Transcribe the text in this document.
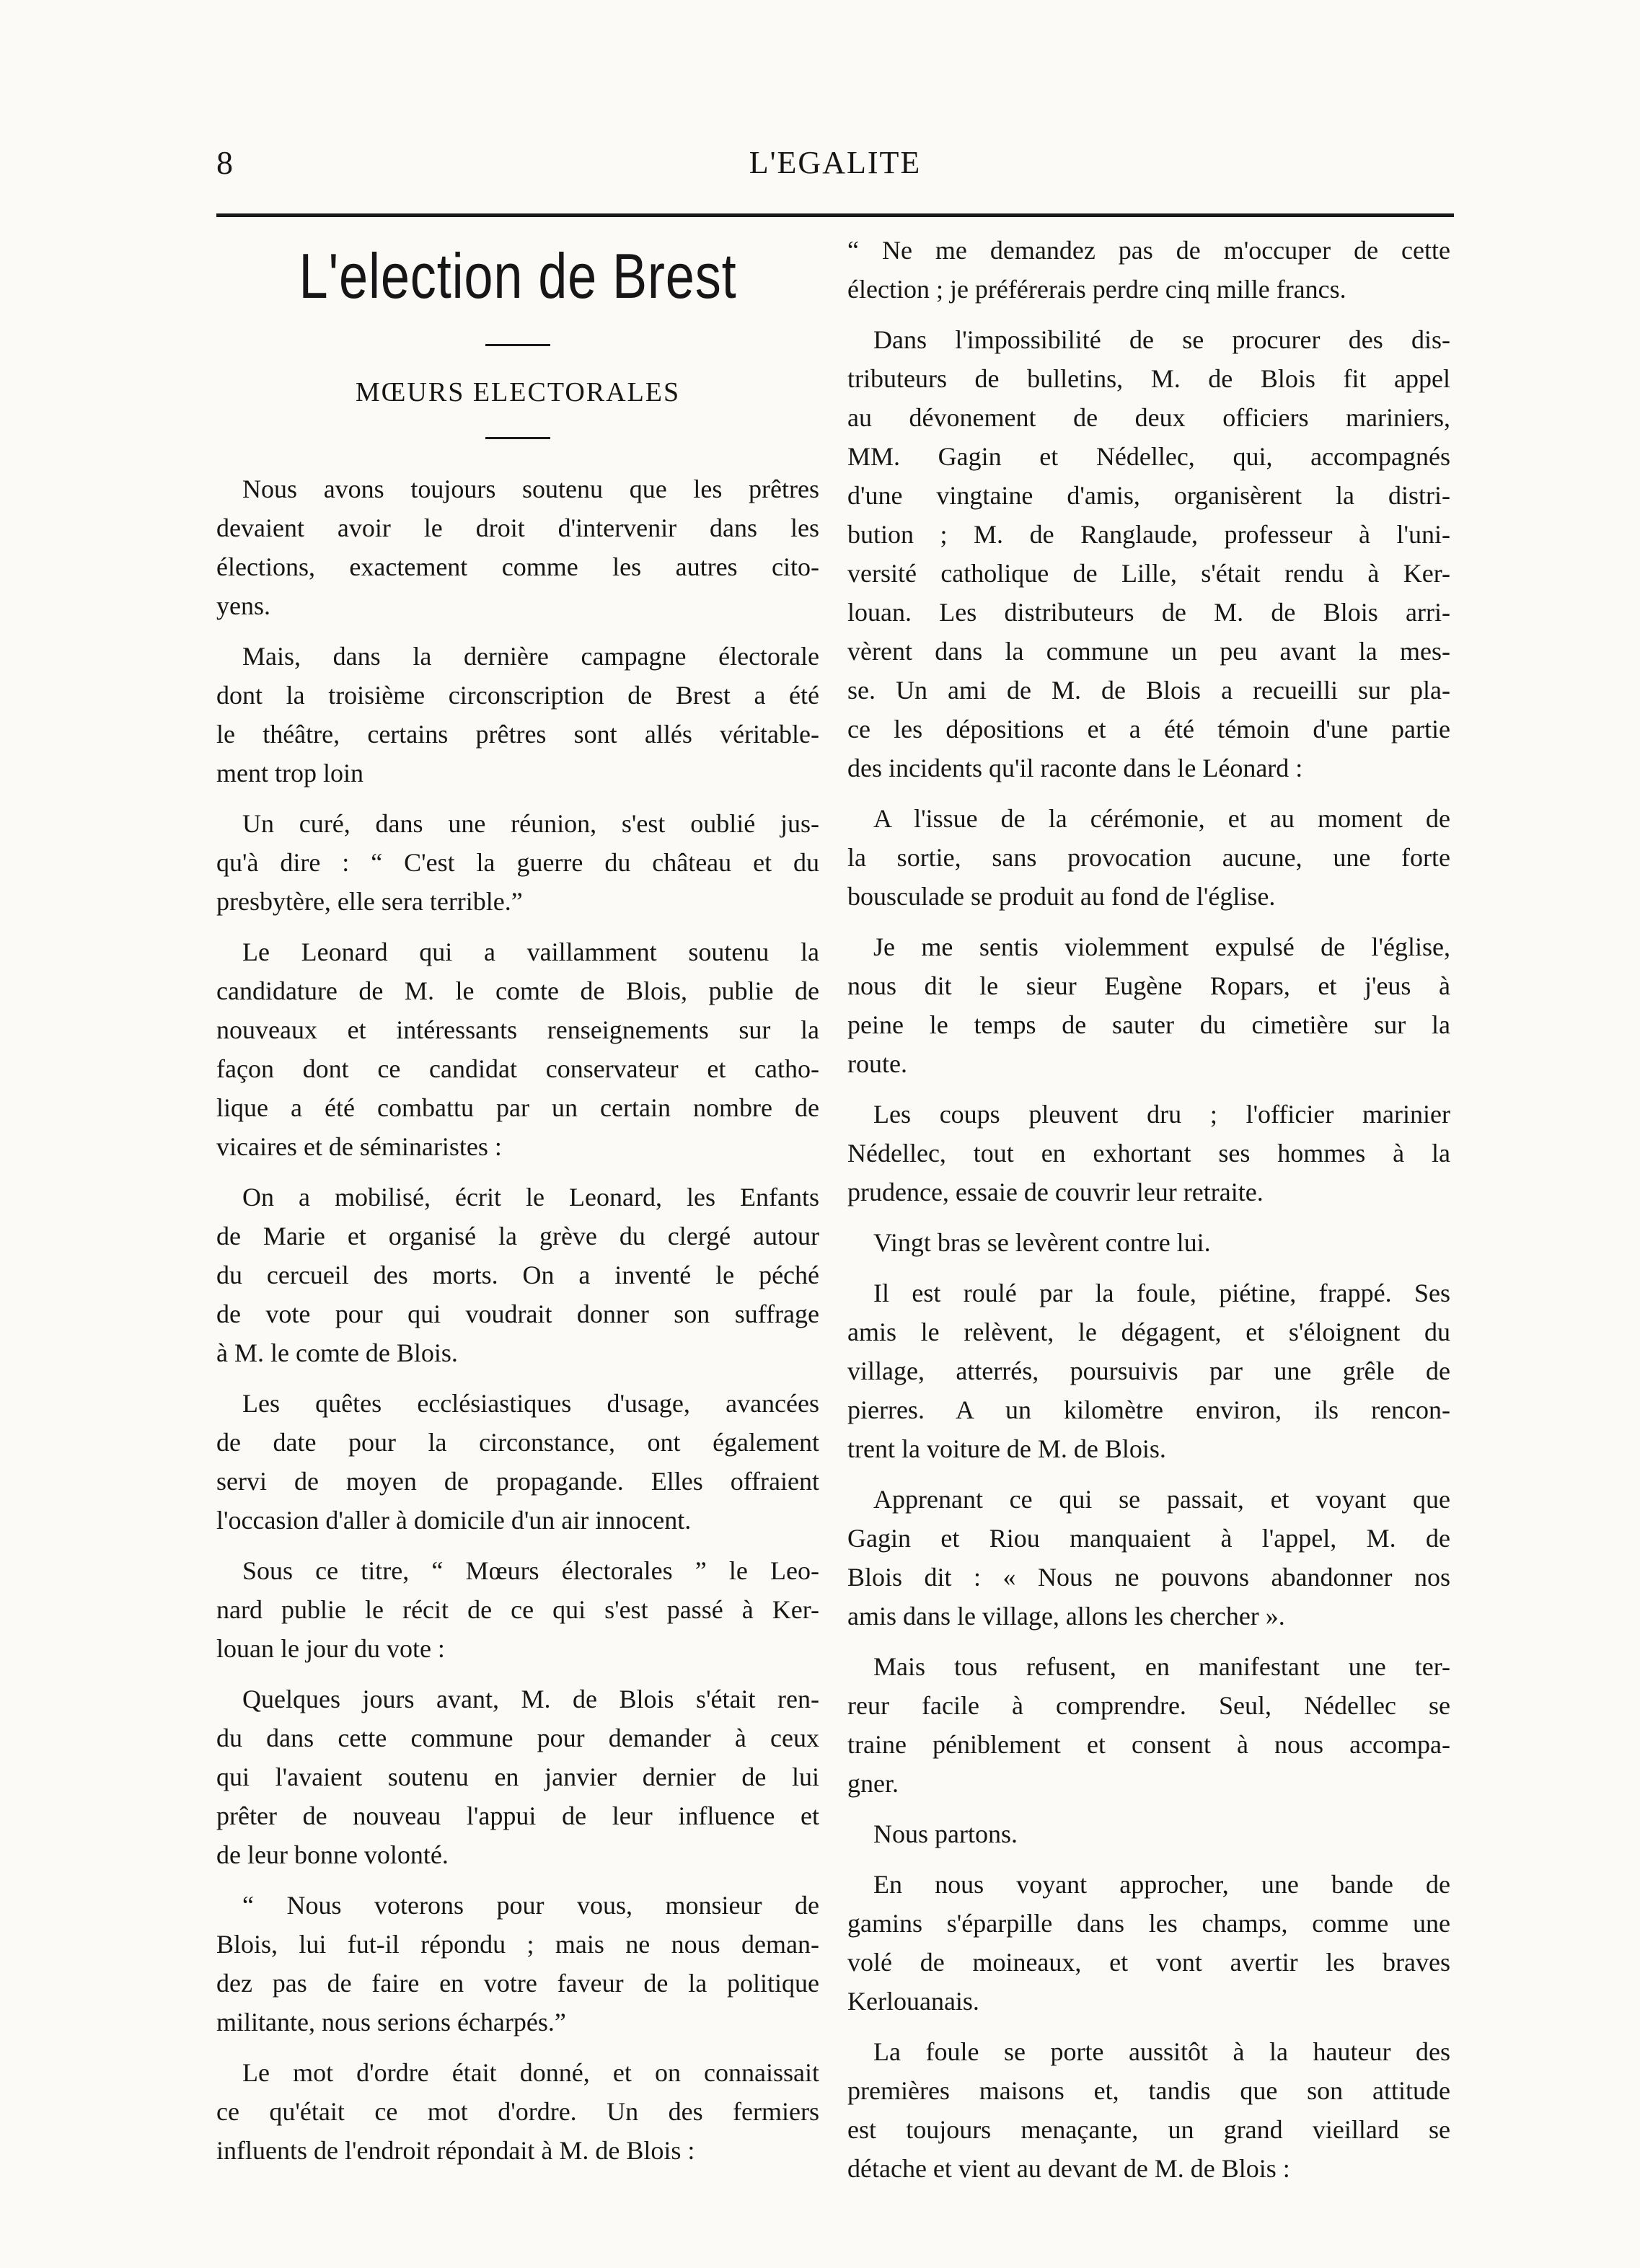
8	L'EGALITE
L'election de Brest
MŒURS ELECTORALES
 Nous avons toujours soutenu que les prêtres
devaient avoir le droit d'intervenir dans les
élections, exactement comme les autres cito-
yens.
 Mais, dans la dernière campagne électorale
dont la troisième circonscription de Brest a été
le théâtre, certains prêtres sont allés véritable-
ment trop loin
 Un curé, dans une réunion, s'est oublié jus-
qu'à dire : “ C'est la guerre du château et du
presbytère, elle sera terrible.”
 Le Leonard qui a vaillamment soutenu la
candidature de M. le comte de Blois, publie de
nouveaux et intéressants renseignements sur la
façon dont ce candidat conservateur et catho-
lique a été combattu par un certain nombre de
vicaires et de séminaristes :
 On a mobilisé, écrit le Leonard, les Enfants
de Marie et organisé la grève du clergé autour
du cercueil des morts. On a inventé le péché
de vote pour qui voudrait donner son suffrage
à M. le comte de Blois.
 Les quêtes ecclésiastiques d'usage, avancées
de date pour la circonstance, ont également
servi de moyen de propagande. Elles offraient
l'occasion d'aller à domicile d'un air innocent.
 Sous ce titre, “ Mœurs électorales ” le Leo-
nard publie le récit de ce qui s'est passé à Ker-
louan le jour du vote :
 Quelques jours avant, M. de Blois s'était ren-
du dans cette commune pour demander à ceux
qui l'avaient soutenu en janvier dernier de lui
prêter de nouveau l'appui de leur influence et
de leur bonne volonté.
 “ Nous voterons pour vous, monsieur de
Blois, lui fut-il répondu ; mais ne nous deman-
dez pas de faire en votre faveur de la politique
militante, nous serions écharpés.”
 Le mot d'ordre était donné, et on connaissait
ce qu'était ce mot d'ordre. Un des fermiers
influents de l'endroit répondait à M. de Blois :
“ Ne me demandez pas de m'occuper de cette
élection ; je préférerais perdre cinq mille francs.
 Dans l'impossibilité de se procurer des dis-
tributeurs de bulletins, M. de Blois fit appel
au dévonement de deux officiers mariniers,
MM. Gagin et Nédellec, qui, accompagnés
d'une vingtaine d'amis, organisèrent la distri-
bution ; M. de Ranglaude, professeur à l'uni-
versité catholique de Lille, s'était rendu à Ker-
louan. Les distributeurs de M. de Blois arri-
vèrent dans la commune un peu avant la mes-
se. Un ami de M. de Blois a recueilli sur pla-
ce les dépositions et a été témoin d'une partie
des incidents qu'il raconte dans le Léonard :
 A l'issue de la cérémonie, et au moment de
la sortie, sans provocation aucune, une forte
bousculade se produit au fond de l'église.
 Je me sentis violemment expulsé de l'église,
nous dit le sieur Eugène Ropars, et j'eus à
peine le temps de sauter du cimetière sur la
route.
 Les coups pleuvent dru ; l'officier marinier
Nédellec, tout en exhortant ses hommes à la
prudence, essaie de couvrir leur retraite.
 Vingt bras se levèrent contre lui.
 Il est roulé par la foule, piétine, frappé. Ses
amis le relèvent, le dégagent, et s'éloignent du
village, atterrés, poursuivis par une grêle de
pierres. A un kilomètre environ, ils rencon-
trent la voiture de M. de Blois.
 Apprenant ce qui se passait, et voyant que
Gagin et Riou manquaient à l'appel, M. de
Blois dit : « Nous ne pouvons abandonner nos
amis dans le village, allons les chercher ».
 Mais tous refusent, en manifestant une ter-
reur facile à comprendre. Seul, Nédellec se
traine péniblement et consent à nous accompa-
gner.
 Nous partons.
 En nous voyant approcher, une bande de
gamins s'éparpille dans les champs, comme une
volé de moineaux, et vont avertir les braves
Kerlouanais.
 La foule se porte aussitôt à la hauteur des
premières maisons et, tandis que son attitude
est toujours menaçante, un grand vieillard se
détache et vient au devant de M. de Blois :
